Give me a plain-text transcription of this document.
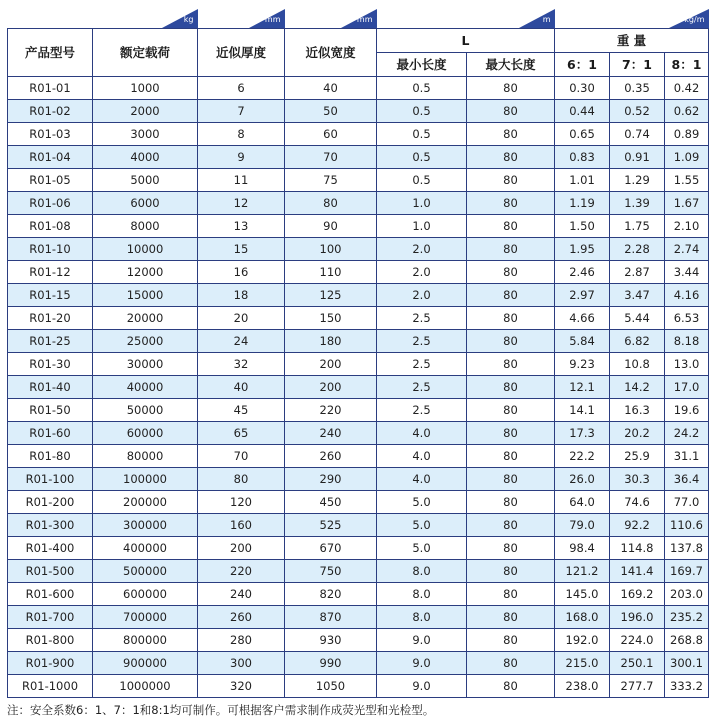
	kg	mm	mm	m		kg/m		

产品型号	额定载荷	近似厚度	近似宽度	L		重 量		
				最小长度	最大长度	6：1	7：1	8：1
R01-01	1000	6	40	0.5	80	0.30	0.35	0.42
R01-02	2000	7	50	0.5	80	0.44	0.52	0.62
R01-03	3000	8	60	0.5	80	0.65	0.74	0.89
R01-04	4000	9	70	0.5	80	0.83	0.91	1.09
R01-05	5000	11	75	0.5	80	1.01	1.29	1.55
R01-06	6000	12	80	1.0	80	1.19	1.39	1.67
R01-08	8000	13	90	1.0	80	1.50	1.75	2.10
R01-10	10000	15	100	2.0	80	1.95	2.28	2.74
R01-12	12000	16	110	2.0	80	2.46	2.87	3.44
R01-15	15000	18	125	2.0	80	2.97	3.47	4.16
R01-20	20000	20	150	2.5	80	4.66	5.44	6.53
R01-25	25000	24	180	2.5	80	5.84	6.82	8.18
R01-30	30000	32	200	2.5	80	9.23	10.8	13.0
R01-40	40000	40	200	2.5	80	12.1	14.2	17.0
R01-50	50000	45	220	2.5	80	14.1	16.3	19.6
R01-60	60000	65	240	4.0	80	17.3	20.2	24.2
R01-80	80000	70	260	4.0	80	22.2	25.9	31.1
R01-100	100000	80	290	4.0	80	26.0	30.3	36.4
R01-200	200000	120	450	5.0	80	64.0	74.6	77.0
R01-300	300000	160	525	5.0	80	79.0	92.2	110.6
R01-400	400000	200	670	5.0	80	98.4	114.8	137.8
R01-500	500000	220	750	8.0	80	121.2	141.4	169.7
R01-600	600000	240	820	8.0	80	145.0	169.2	203.0
R01-700	700000	260	870	8.0	80	168.0	196.0	235.2
R01-800	800000	280	930	9.0	80	192.0	224.0	268.8
R01-900	900000	300	990	9.0	80	215.0	250.1	300.1
R01-1000	1000000	320	1050	9.0	80	238.0	277.7	333.2
注：安全系数6：1、7：1和8:1均可制作。可根据客户需求制作成荧光型和光检型。
